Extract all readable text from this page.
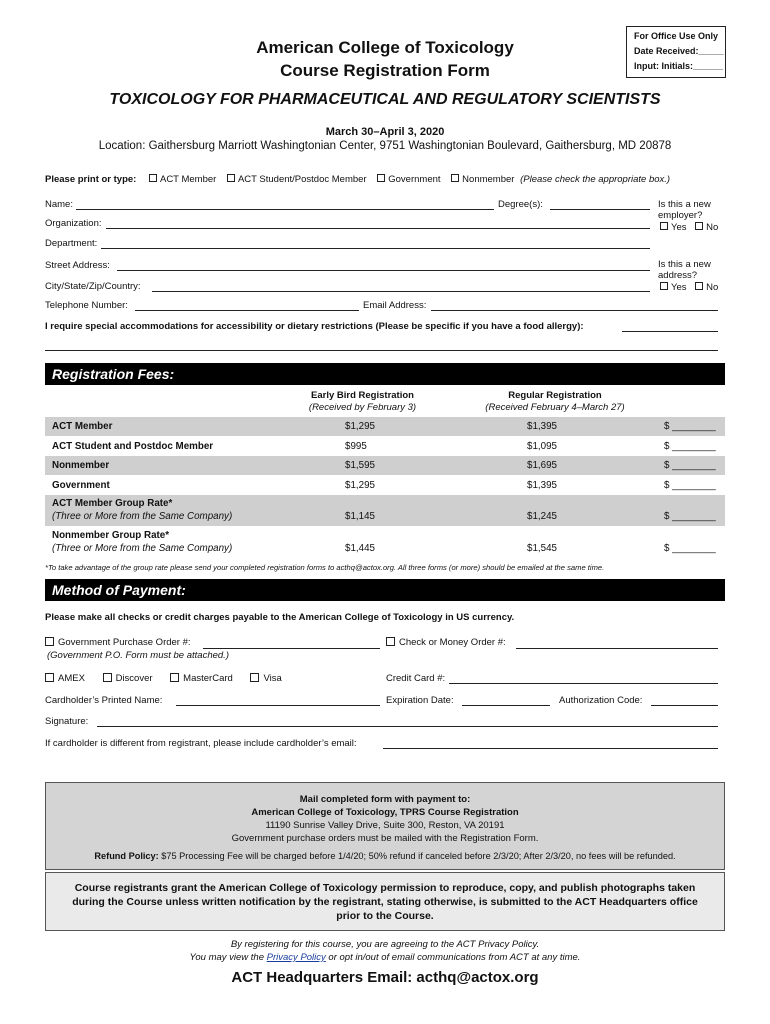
For Office Use Only
Date Received:_____
Input: Initials:______
American College of Toxicology
Course Registration Form
TOXICOLOGY FOR PHARMACEUTICAL AND REGULATORY SCIENTISTS
March 30–April 3, 2020
Location: Gaithersburg Marriott Washingtonian Center, 9751 Washingtonian Boulevard, Gaithersburg, MD 20878
Please print or type: ACT Member ACT Student/Postdoc Member Government Nonmember (Please check the appropriate box.)
Name:	Degree(s):
Organization:
Department:
Is this a new employer?
Yes No
Street Address:
City/State/Zip/Country:
Is this a new address?
Yes No
Telephone Number:	Email Address:
I require special accommodations for accessibility or dietary restrictions (Please be specific if you have a food allergy):
Registration Fees:
Early Bird Registration
(Received by February 3)
Regular Registration
(Received February 4–March 27)
ACT Member	$1,295	$1,395	$ ________
ACT Student and Postdoc Member	$995	$1,095	$ ________
Nonmember	$1,595	$1,695	$ ________
Government	$1,295	$1,395	$ ________
ACT Member Group Rate*
(Three or More from the Same Company)	$1,145	$1,245	$ ________
Nonmember Group Rate*
(Three or More from the Same Company)	$1,445	$1,545	$ ________
*To take advantage of the group rate please send your completed registration forms to acthq@actox.org. All three forms (or more) should be emailed at the same time.
Method of Payment:
Please make all checks or credit charges payable to the American College of Toxicology in US currency.
Government Purchase Order #:
(Government P.O. Form must be attached.)
Check or Money Order #:
AMEX	Discover	MasterCard	Visa	Credit Card #:
Cardholder’s Printed Name:	Expiration Date:	Authorization Code:
Signature:
If cardholder is different from registrant, please include cardholder’s email:
Mail completed form with payment to:
American College of Toxicology, TPRS Course Registration
11190 Sunrise Valley Drive, Suite 300, Reston, VA 20191
Government purchase orders must be mailed with the Registration Form.
Refund Policy: $75 Processing Fee will be charged before 1/4/20; 50% refund if canceled before 2/3/20; After 2/3/20, no fees will be refunded.
Course registrants grant the American College of Toxicology permission to reproduce, copy, and publish photographs taken during the Course unless written notification by the registrant, stating otherwise, is submitted to the ACT Headquarters office prior to the Course.
By registering for this course, you are agreeing to the ACT Privacy Policy.
You may view the Privacy Policy or opt in/out of email communications from ACT at any time.
ACT Headquarters Email: acthq@actox.org
